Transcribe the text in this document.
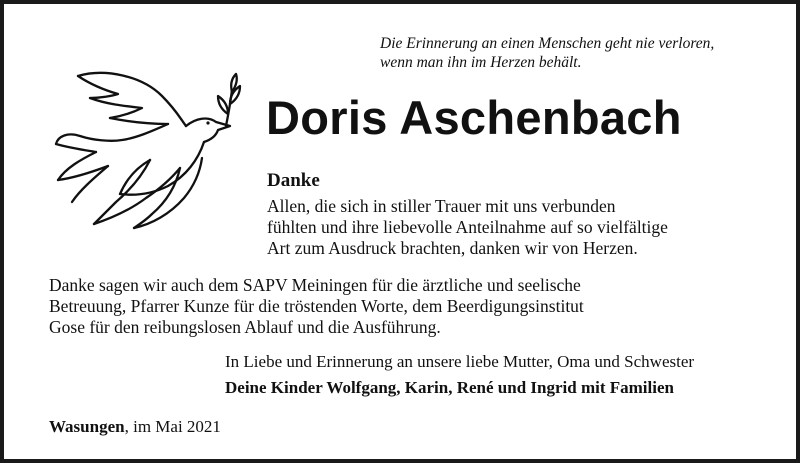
Die Erinnerung an einen Menschen geht nie verloren,
wenn man ihn im Herzen behält.
Doris Aschenbach
Danke
Allen, die sich in stiller Trauer mit uns verbunden
fühlten und ihre liebevolle Anteilnahme auf so vielfältige
Art zum Ausdruck brachten, danken wir von Herzen.
Danke sagen wir auch dem SAPV Meiningen für die ärztliche und seelische
Betreuung, Pfarrer Kunze für die tröstenden Worte, dem Beerdigungsinstitut
Gose für den reibungslosen Ablauf und die Ausführung.
In Liebe und Erinnerung an unsere liebe Mutter, Oma und Schwester
Deine Kinder Wolfgang, Karin, René und Ingrid mit Familien
Wasungen, im Mai 2021
